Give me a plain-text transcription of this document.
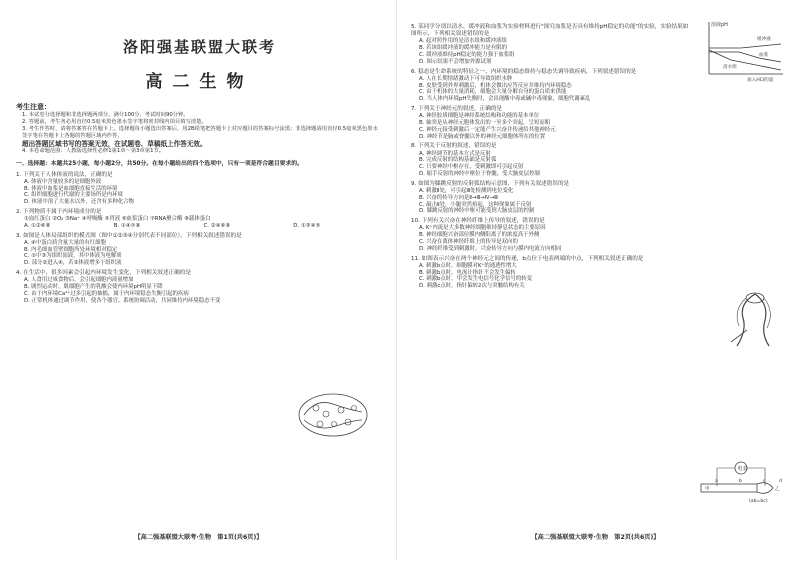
洛阳强基联盟大联考
高二生物
考生注意：
1. 本试卷分选择题和非选择题两部分。满分100分，考试时间90分钟。
2. 答题前，考生务必用直径0.5毫米黑色墨水签字笔将密封线内项目填写清楚。
3. 考生作答时，请将答案答在答题卡上。选择题每小题选出答案后，用2B铅笔把答题卡上对应题目的答案标号涂黑；非选择题请用直径0.5毫米黑色墨水签字笔在答题卡上各题的答题区域内作答，
超出答题区域书写的答案无效，在试题卷、草稿纸上作答无效。
4. 本卷命题范围：人教版选择性必修1第1章～第3章第1节。
一、选择题：本题共25小题，每小题2分，共50分。在每小题给出的四个选项中，只有一项是符合题目要求的。
1. 下列关于人体体液的说法，正确的是
A. 体液中含量较多的是细胞外液
B. 体液中血浆是血细胞直接生活的环境
C. 组织细胞进行代谢的主要场所是内环境
D. 体液中溶了大量水以外，还含有多种化合物
2. 下列物质不属于内环境成分的是
①血红蛋白 ②O₂ ③Na⁺ ④呼吸酶 ⑤胃液 ⑥血浆蛋白 ⑦RNA聚合酶 ⑧载体蛋白
A. ①②⑥⑧	B. ①④⑦⑧	C. ②④⑥⑧	D. ①③④⑤
3. 如图是人体局部组织的模式图（图中①②③④分别代表不同部位），下列相关叙述错误的是
A. ④中蛋白质含量大量的有红细胞
B. 内毛细血管壁细胞所处环境相对稳定
C. ①中③为组织间液，其中体液为电解质
D. 部分②进入④，若②体液增多于组织液
4. 在生活中，很多因素会引起内环境发生变化，下列相关叙述正确的是
A. 人食用过咸食物后，会引起细胞内液量增加
B. 剧烈运动时，肌细胞产生的乳酸会使内环境pH明显下降
C. 由于内环境Ca²⁺过多引起的抽搐，属于内环境稳态失衡引起的疾病
D. 正常机体通过调节作用，使各个器官、系统协调活动，共同维持内环境稳态不变
【高二强基联盟大联考·生物　第1页(共6页)】
5. 某同学分别以清水、缓冲液和血浆为实验材料进行"探究血浆是否具有维持pH稳定的功能"的实验，实验结果如图所示，下列相关叙述错误的是
A. 起对照作用的是清水组和缓冲液组
B. 若该组缓冲液的缓冲能力是有限的
C. 缓冲液维持pH稳定的能力强于血浆组
D. 图示结果不会增加外源试剂
6. 稳态是生命系统的特征之一，内环境的稳态维持与稳态失调导致疾病，下列叙述错误的是
A. 人在长期情绪激动下可导致组织水肿
B. 皮肤受到外界刺激后，机体会做出应答反应并维持内环境稳态
C. 由于机体的大量消耗，细胞会大量分解自身的蛋白质来供能
D. 当人体内环境pH失衡时，会出现酸中毒或碱中毒现象，细胞代谢紊乱
7. 下列关于神经元的叙述，正确的是
A. 神经胶质细胞是神经系统结构和功能的基本单位
B. 轴突是从神经元胞体发出的一至多个突起，呈短而粗
C. 神经元接受刺激后一定能产生兴奋并传递给其他神经元
D. 神经节是脑或脊髓以外的神经元细胞体所在的位置
8. 下列关于反射的叙述，错误的是
A. 神经调节的基本方式是反射
B. 完成反射的结构基础是反射弧
C. 只要神经中枢存在，受刺激即可引起反射
D. 缩手反射的神经中枢位于脊髓，受大脑皮层控制
9. 如图为膝跳反射的反射弧结构示意图，下列有关叙述错误的是
A. 刺激Ⅱ处，可引起Ⅲ处检测到电位变化
B. 兴奋的传导方向是Ⅱ→Ⅲ→Ⅳ→Ⅲ
C. 敲击Ⅱ处，小腿突然抬起，这种现象属于反射
D. 膝跳反射的神经中枢可能受到大脑皮层的控制
10. 下列有关兴奋在神经纤维上传导的叙述，错误的是
A. K⁺内流是大多数神经细胞维持静息状态的主要原因
B. 神经细胞兴奋部位膜内侧阳离子的浓度高于外侧
C. 兴奋在离体神经纤维上的传导是双向的
D. 神经纤维受到刺激时，兴奋传导方向与膜内电流方向相同
11. 如图表示兴奋在两个神经元之间的传递，b点位于电表两端的中点，下列相关叙述正确的是
A. 刺激b点时，细胞膜对K⁺的通透性增大
B. 刺激b点时，电流计指针不会发生偏转
C. 刺激b点时，甲会发生电信号化学信号的转变
D. 刺激c点时，指针偏转2次与突触结构有关
溶液pH
缓冲液
血浆
清水组
加入HCl的量
电表
甲	乙
a	b	c	d
(ab=bc)
【高二强基联盟大联考·生物　第2页(共6页)】
